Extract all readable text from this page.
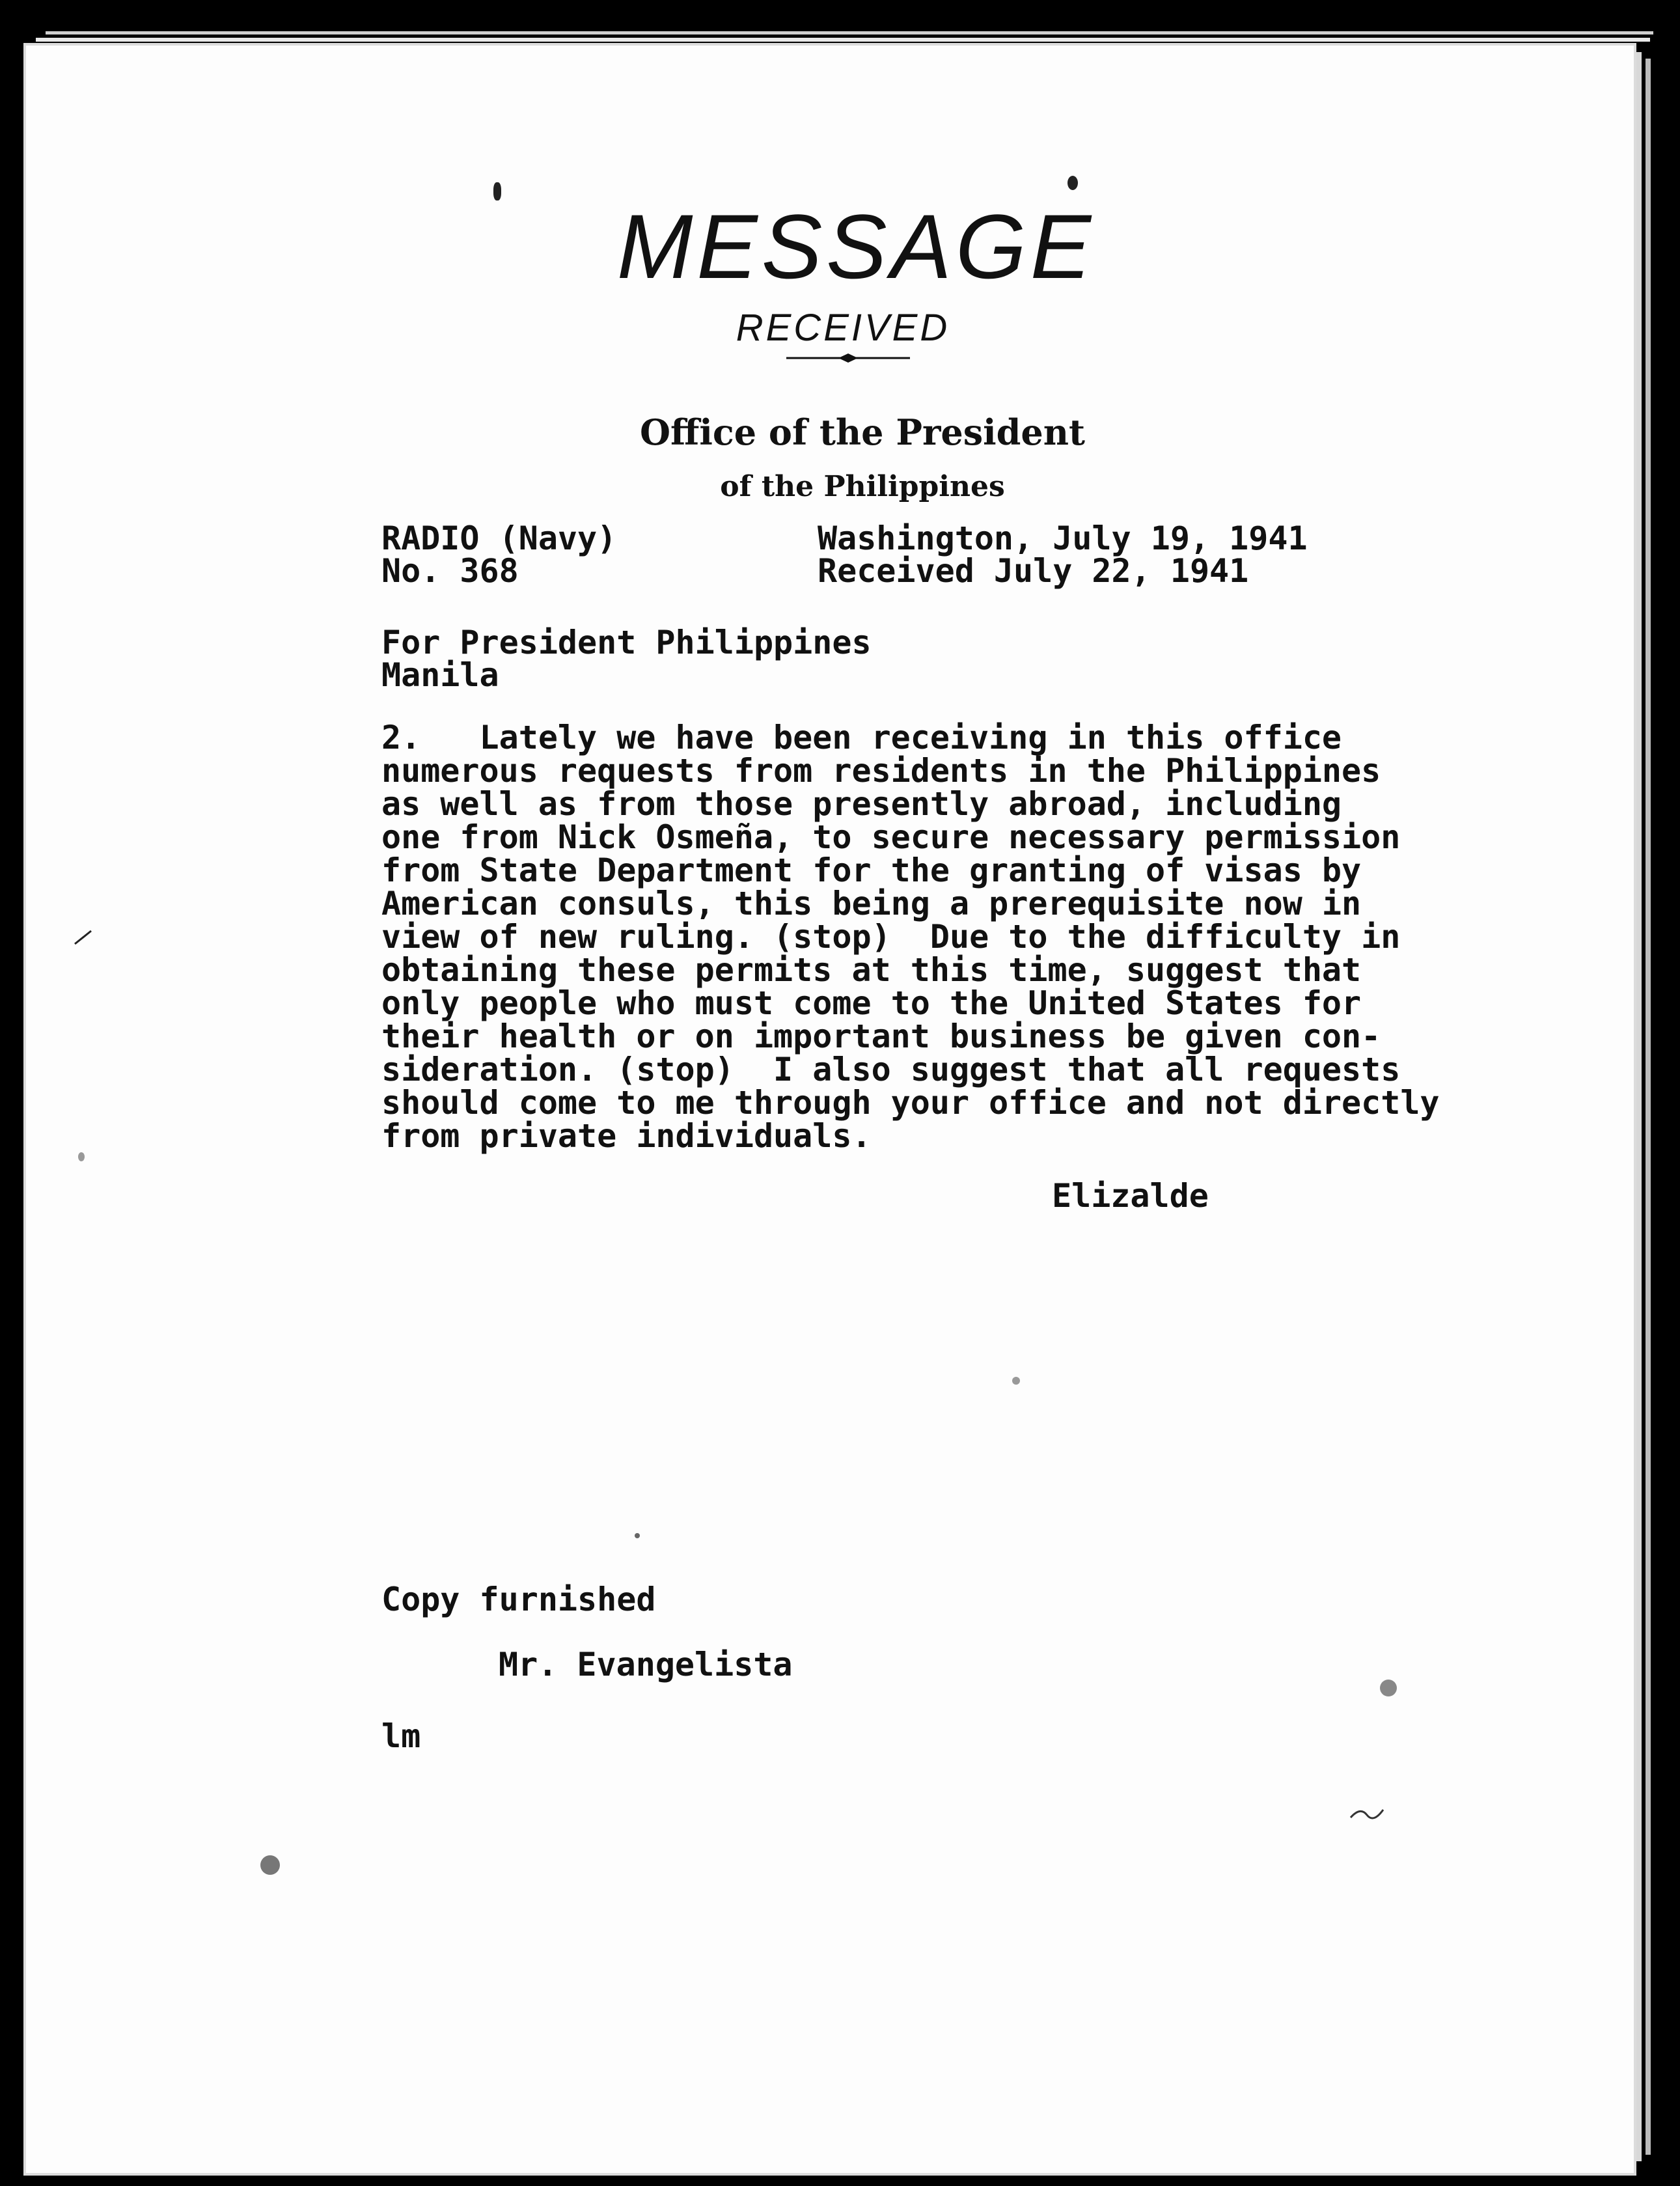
MESSAGE
RECEIVED
Office of the President
of the Philippines
RADIO (Navy)
No. 368
Washington, July 19, 1941
Received July 22, 1941
For President Philippines
Manila
2.   Lately we have been receiving in this office
numerous requests from residents in the Philippines
as well as from those presently abroad, including
one from Nick Osmeña, to secure necessary permission
from State Department for the granting of visas by
American consuls, this being a prerequisite now in
view of new ruling. (stop)  Due to the difficulty in
obtaining these permits at this time, suggest that
only people who must come to the United States for
their health or on important business be given con-
sideration. (stop)  I also suggest that all requests
should come to me through your office and not directly
from private individuals.
Elizalde
Copy furnished
Mr. Evangelista
lm
